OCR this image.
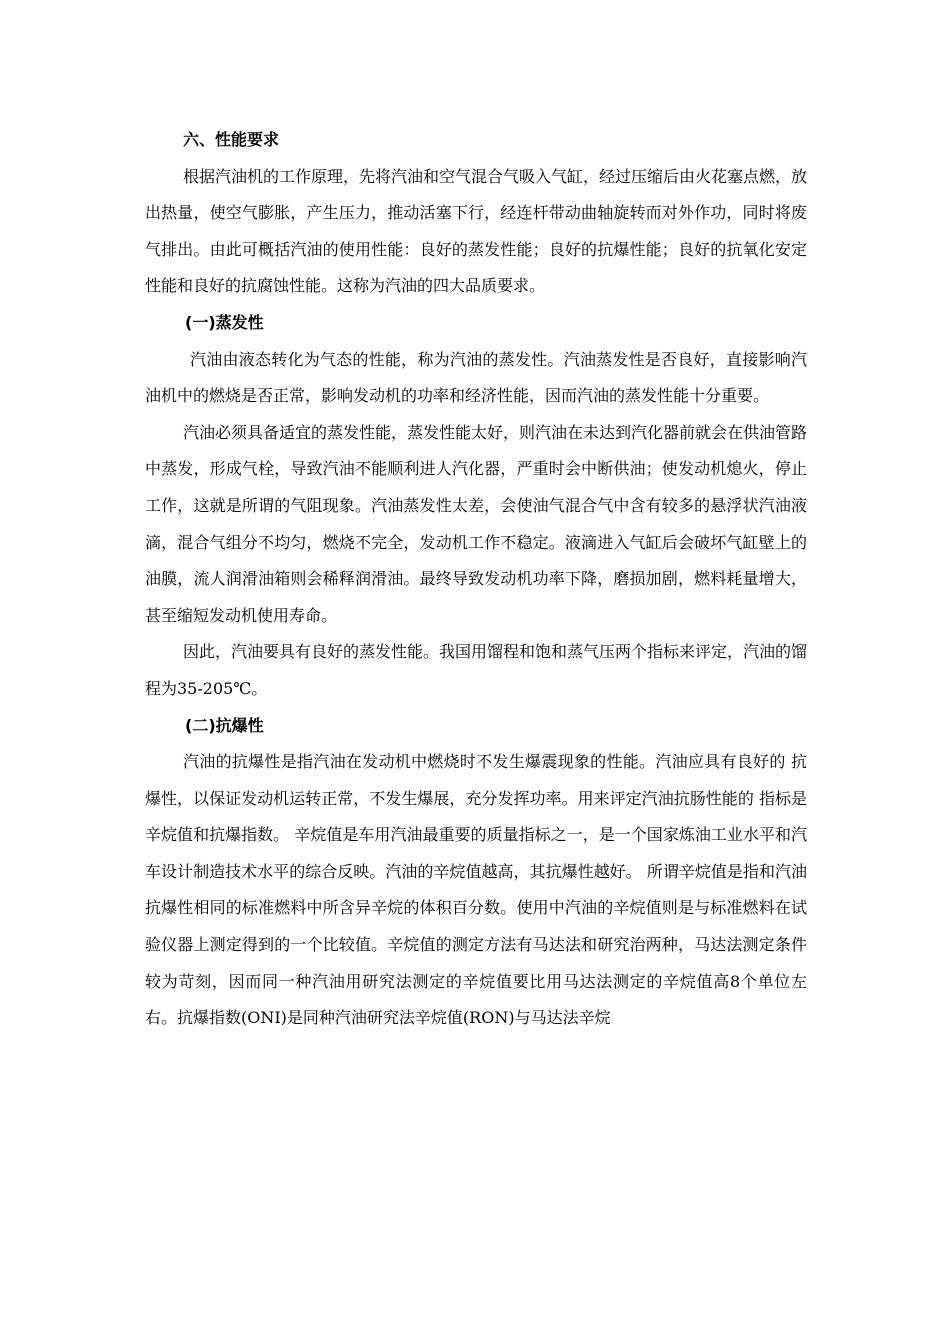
六、性能要求

根据汽油机的工作原理，先将汽油和空气混合气吸入气缸，经过压缩后由火花塞点燃，放出热量，使空气膨胀，产生压力，推动活塞下行，经连杆带动曲轴旋转而对外作功，同时将废气排出。由此可概括汽油的使用性能：良好的蒸发性能；良好的抗爆性能；良好的抗氧化安定性能和良好的抗腐蚀性能。这称为汽油的四大品质要求。

(一)蒸发性

汽油由液态转化为气态的性能，称为汽油的蒸发性。汽油蒸发性是否良好，直接影响汽油机中的燃烧是否正常，影响发动机的功率和经济性能，因而汽油的蒸发性能十分重要。

汽油必须具备适宜的蒸发性能，蒸发性能太好，则汽油在未达到汽化器前就会在供油管路中蒸发，形成气栓，导致汽油不能顺利进人汽化器，严重时会中断供油；使发动机熄火，停止工作，这就是所谓的气阻现象。汽油蒸发性太差，会使油气混合气中含有较多的悬浮状汽油液滴，混合气组分不均匀，燃烧不完全，发动机工作不稳定。液滴进入气缸后会破坏气缸壁上的油膜，流人润滑油箱则会稀释润滑油。最终导致发动机功率下降，磨损加剧，燃料耗量增大，甚至缩短发动机使用寿命。

因此，汽油要具有良好的蒸发性能。我国用馏程和饱和蒸气压两个指标来评定，汽油的馏程为35-205℃。

(二)抗爆性

汽油的抗爆性是指汽油在发动机中燃烧时不发生爆震现象的性能。汽油应具有良好的 抗爆性，以保证发动机运转正常，不发生爆展，充分发挥功率。用来评定汽油抗肠性能的 指标是辛烷值和抗爆指数。 辛烷值是车用汽油最重要的质量指标之一，是一个国家炼油工业水平和汽车设计制造技术水平的综合反映。汽油的辛烷值越高，其抗爆性越好。 所谓辛烷值是指和汽油抗爆性相同的标准燃料中所含异辛烷的体积百分数。使用中汽油的辛烷值则是与标准燃料在试验仪器上测定得到的一个比较值。辛烷值的测定方法有马达法和研究治两种，马达法测定条件较为苛刻，因而同一种汽油用研究法测定的辛烷值要比用马达法测定的辛烷值高8个单位左右。抗爆指数(ONI)是同种汽油研究法辛烷值(RON)与马达法辛烷
